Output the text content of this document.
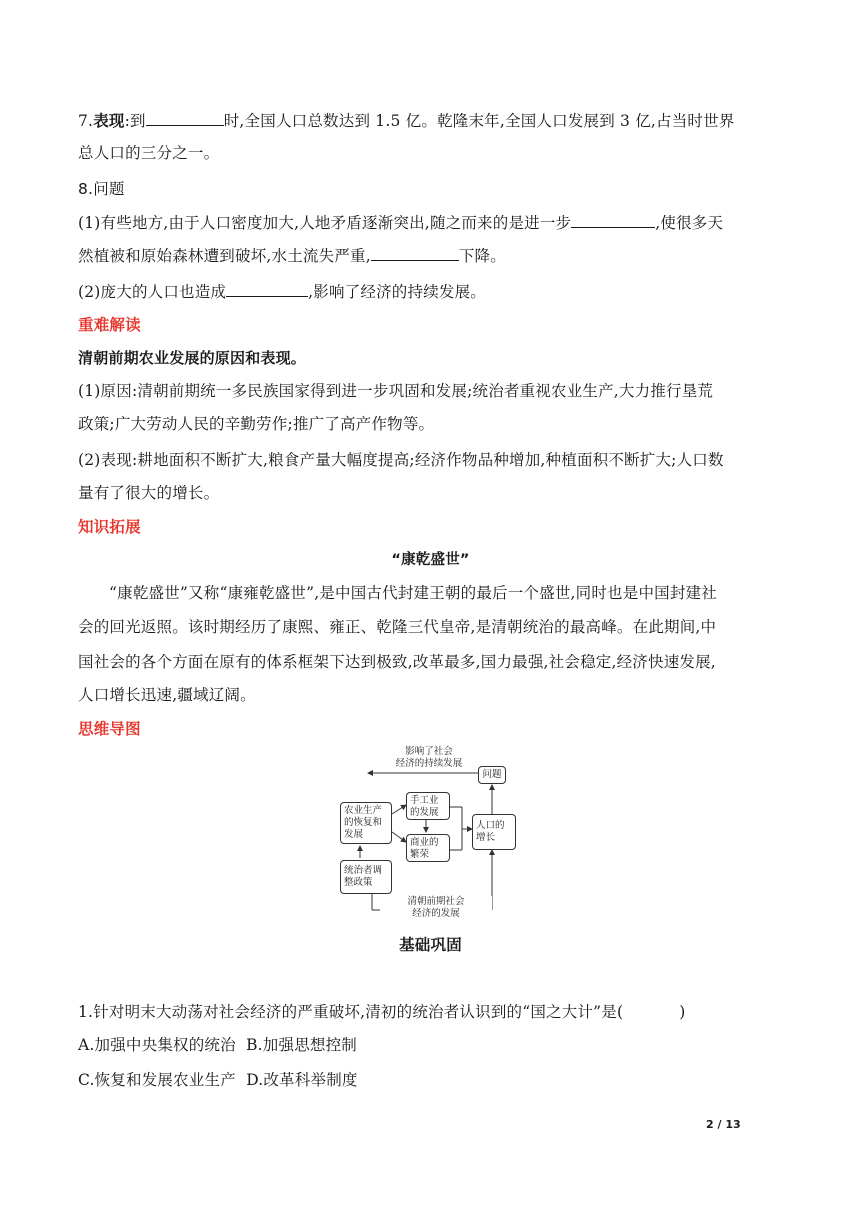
7.表现:到	时,全国人口总数达到 1.5 亿。乾隆末年,全国人口发展到 3 亿,占当时世界
总人口的三分之一。
8.问题
(1)有些地方,由于人口密度加大,人地矛盾逐渐突出,随之而来的是进一步	,使很多天
然植被和原始森林遭到破坏,水土流失严重,	下降。
(2)庞大的人口也造成	,影响了经济的持续发展。
重难解读
清朝前期农业发展的原因和表现。
(1)原因:清朝前期统一多民族国家得到进一步巩固和发展;统治者重视农业生产,大力推行垦荒
政策;广大劳动人民的辛勤劳作;推广了高产作物等。
(2)表现:耕地面积不断扩大,粮食产量大幅度提高;经济作物品种增加,种植面积不断扩大;人口数
量有了很大的增长。
知识拓展
“康乾盛世”
“康乾盛世”又称“康雍乾盛世”,是中国古代封建王朝的最后一个盛世,同时也是中国封建社
会的回光返照。该时期经历了康熙、雍正、乾隆三代皇帝,是清朝统治的最高峰。在此期间,中
国社会的各个方面在原有的体系框架下达到极致,改革最多,国力最强,社会稳定,经济快速发展,
人口增长迅速,疆域辽阔。
思维导图
影响了社会
经济的持续发展
问题
农业生产
的恢复和
发展
手工业
的发展
商业的
繁荣
人口的
增长
统治者调
整政策
清朝前期社会
经济的发展
基础巩固
1.针对明末大动荡对社会经济的严重破坏,清初的统治者认识到的“国之大计”是(	)
A.加强中央集权的统治 B.加强思想控制
C.恢复和发展农业生产 D.改革科举制度
2 / 13
